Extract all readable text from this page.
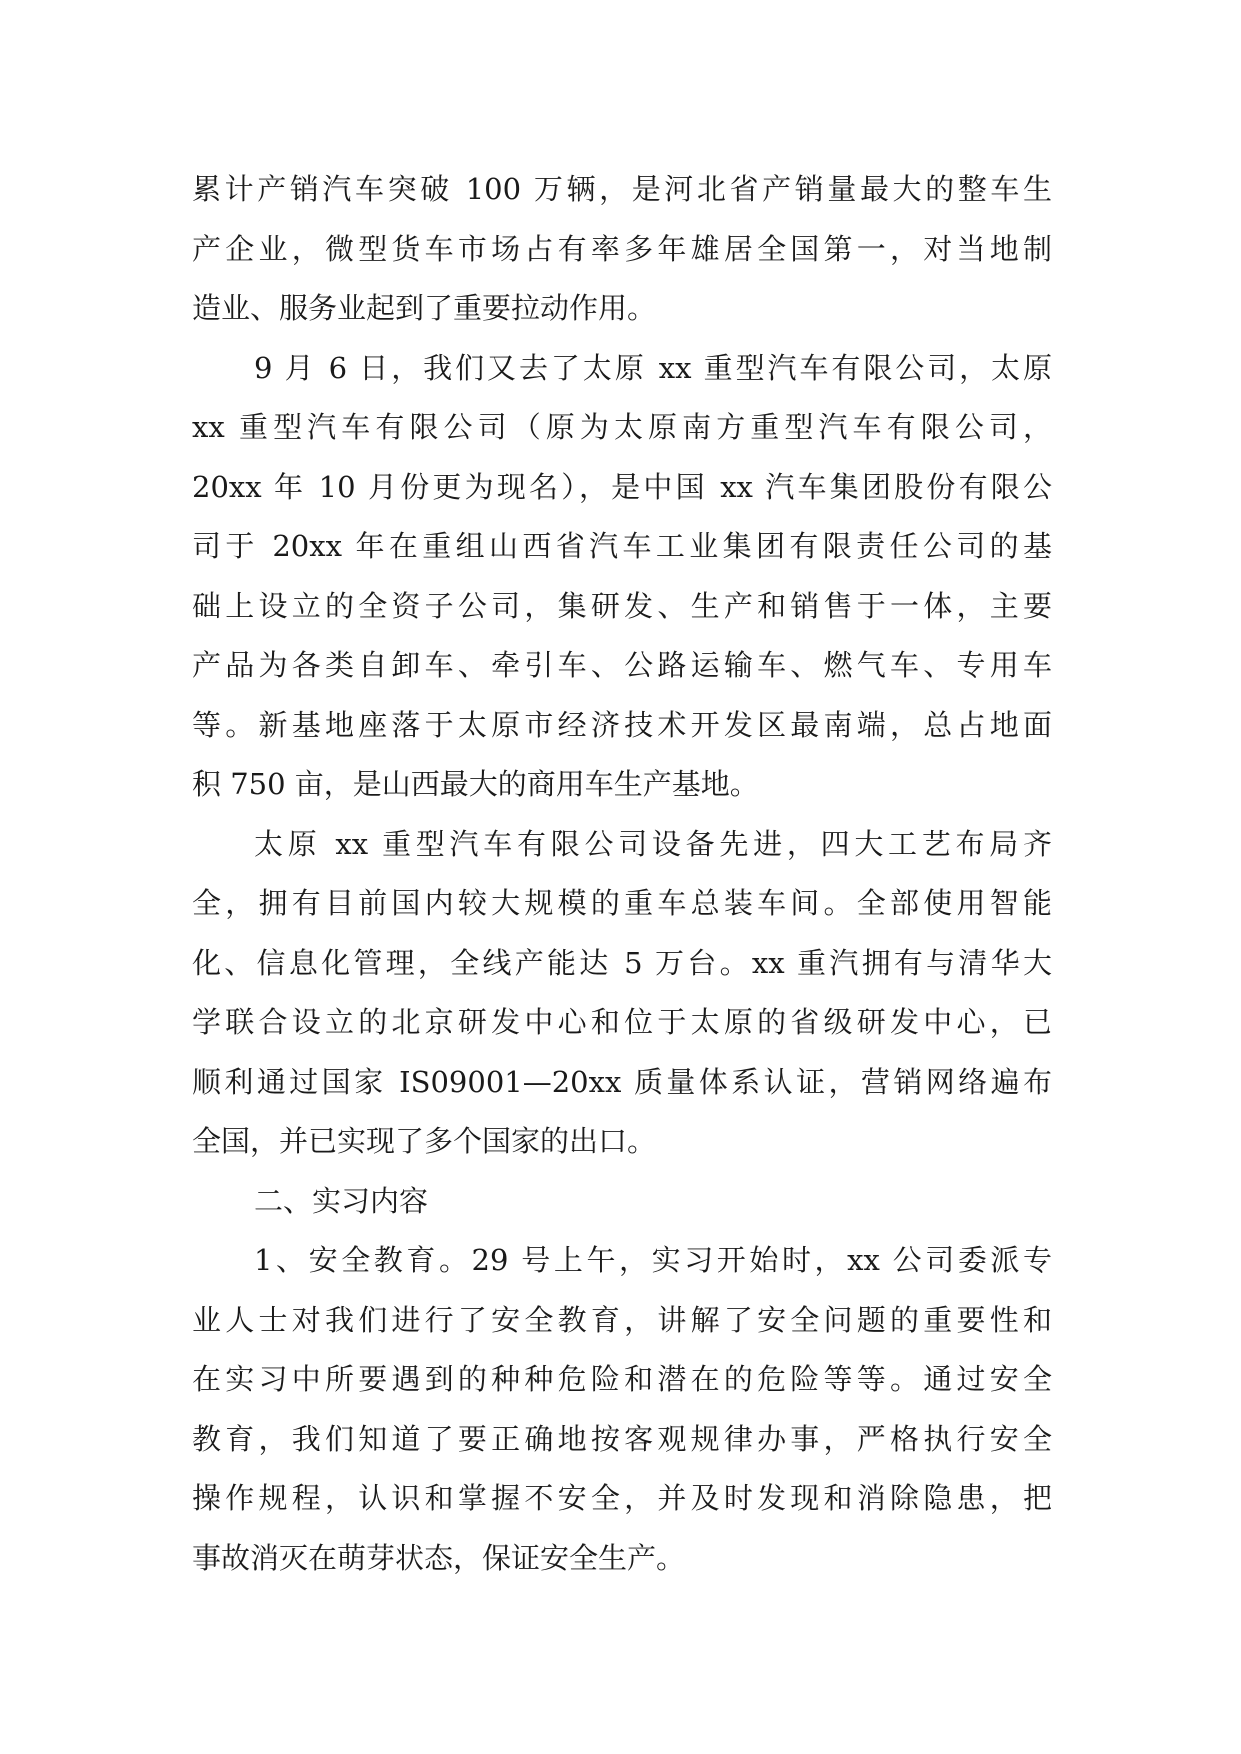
累计产销汽车突破 100 万辆，是河北省产销量最大的整车生
产企业，微型货车市场占有率多年雄居全国第一，对当地制
造业、服务业起到了重要拉动作用。
9 月 6 日，我们又去了太原 xx 重型汽车有限公司，太原
xx 重型汽车有限公司（原为太原南方重型汽车有限公司，
20xx 年 10 月份更为现名），是中国 xx 汽车集团股份有限公
司于 20xx 年在重组山西省汽车工业集团有限责任公司的基
础上设立的全资子公司，集研发、生产和销售于一体，主要
产品为各类自卸车、牵引车、公路运输车、燃气车、专用车
等。新基地座落于太原市经济技术开发区最南端，总占地面
积 750 亩，是山西最大的商用车生产基地。
太原 xx 重型汽车有限公司设备先进，四大工艺布局齐
全，拥有目前国内较大规模的重车总装车间。全部使用智能
化、信息化管理，全线产能达 5 万台。xx 重汽拥有与清华大
学联合设立的北京研发中心和位于太原的省级研发中心，已
顺利通过国家 IS09001—20xx 质量体系认证，营销网络遍布
全国，并已实现了多个国家的出口。
二、实习内容
1、安全教育。29 号上午，实习开始时，xx 公司委派专
业人士对我们进行了安全教育，讲解了安全问题的重要性和
在实习中所要遇到的种种危险和潜在的危险等等。通过安全
教育，我们知道了要正确地按客观规律办事，严格执行安全
操作规程，认识和掌握不安全，并及时发现和消除隐患，把
事故消灭在萌芽状态，保证安全生产。
